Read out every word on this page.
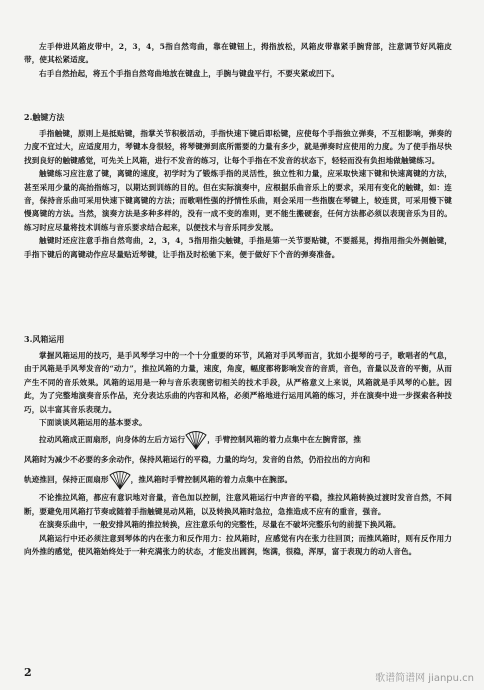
左手伸进风箱皮带中，2，3，4，5指自然弯曲，靠在键钮上，拇指放松，风箱皮带靠紧手腕背部，注意调节好风箱皮带，使其松紧适度。

右手自然抬起，将五个手指自然弯曲地放在键盘上，手腕与键盘平行，不要夹紧或凹下。

2.触键方法

手指触键，原则上是抵贴键，指掌关节积极活动，手指快速下键后即松键，应使每个手指独立弹奏，不互相影响，弹奏的力度不宜过大，应适度用力，琴键本身很轻，将琴键弹到底所需要的力量有多少，就是弹奏时应使用的力度。为了使手指尽快找到良好的触键感觉，可先关上风箱，进行不发音的练习，让每个手指在不发音的状态下，轻轻而没有负担地做触键练习。

触键练习应注意了键，离键的速度，初学时为了锻炼手指的灵活性，独立性和力量，应采取快速下键和快速离键的方法，甚至采用少量的高抬指练习，以期达到训练的目的。但在实际演奏中，应根据乐曲音乐上的要求，采用有变化的触键，如：连音，保持音乐曲可采用快速下键离键的方法；而歌唱性强的抒情性乐曲，则会采用一些指腹在琴键上，较连贯，可采用慢下键慢离键的方法。当然，演奏方法是多种多样的，没有一成不变的准则，更不能生搬硬套，任何方法都必须以表现音乐为目的。练习时应尽量将技术训练与音乐要求结合起来，以便技术与音乐同步发展。

触键时还应注意手指自然弯曲，2，3，4，5指用指尖触键，手指是第一关节要贴键，不要摇晃，拇指用指尖外侧触键，手指下键后的离键动作应尽量贴近琴键，让手指及时松驰下来，便于做好下个音的弹奏准备。

3.风箱运用

掌握风箱运用的技巧，是手风琴学习中的一个十分重要的环节，风箱对手风琴而言，犹如小提琴的弓子，歌唱者的气息，由于风箱是手风琴发音的“动力”，推拉风箱的力量，速度，角度，幅度都将影响发音的音质，音色，音量以及音的平衡，从而产生不同的音乐效果。风箱的运用是一种与音乐表现密切相关的技术手段，从严格意义上来说，风箱就是手风琴的心脏。因此，为了完整地演奏音乐作品，充分表达乐曲的内容和风格，必须严格地进行运用风箱的练习，并在演奏中进一步探索各种技巧，以丰富其音乐表现力。

下面谈谈风箱运用的基本要求。

拉动风箱成正面扇形，向身体的左后方运行	，手臂控制风箱的着力点集中在左腕背部，推

风箱时为减少不必要的多余动作，保持风箱运行的平稳，力量的均匀，发音的自然，仍沿拉出的方向和

轨迹推回，保持正面扇形	，推风箱时手臂控制风箱的着力点集中在腕部。

不论推拉风箱，都应有意识地对音量，音色加以控制，注意风箱运行中声音的平稳，推拉风箱转换过渡时发音自然，不间断，要避免用风箱打节奏或随着手指触键晃动风箱，以及转换风箱时急拉，急推造成不应有的重音，强音。

在演奏乐曲中，一般安排风箱的推拉转换，应注意乐句的完整性，尽量在不破坏完整乐句的前提下换风箱。

风箱运行中还必须注意到琴体的内在张力和反作用力：拉风箱时，应感觉有内在张力往回顶；而推风箱时，则有反作用力向外推的感觉，使风箱始终处于一种充满张力的状态，才能发出圆润，饱满，很稳，浑厚，富于表现力的动人音色。

2	歌谱简谱网 jianpu.cn
